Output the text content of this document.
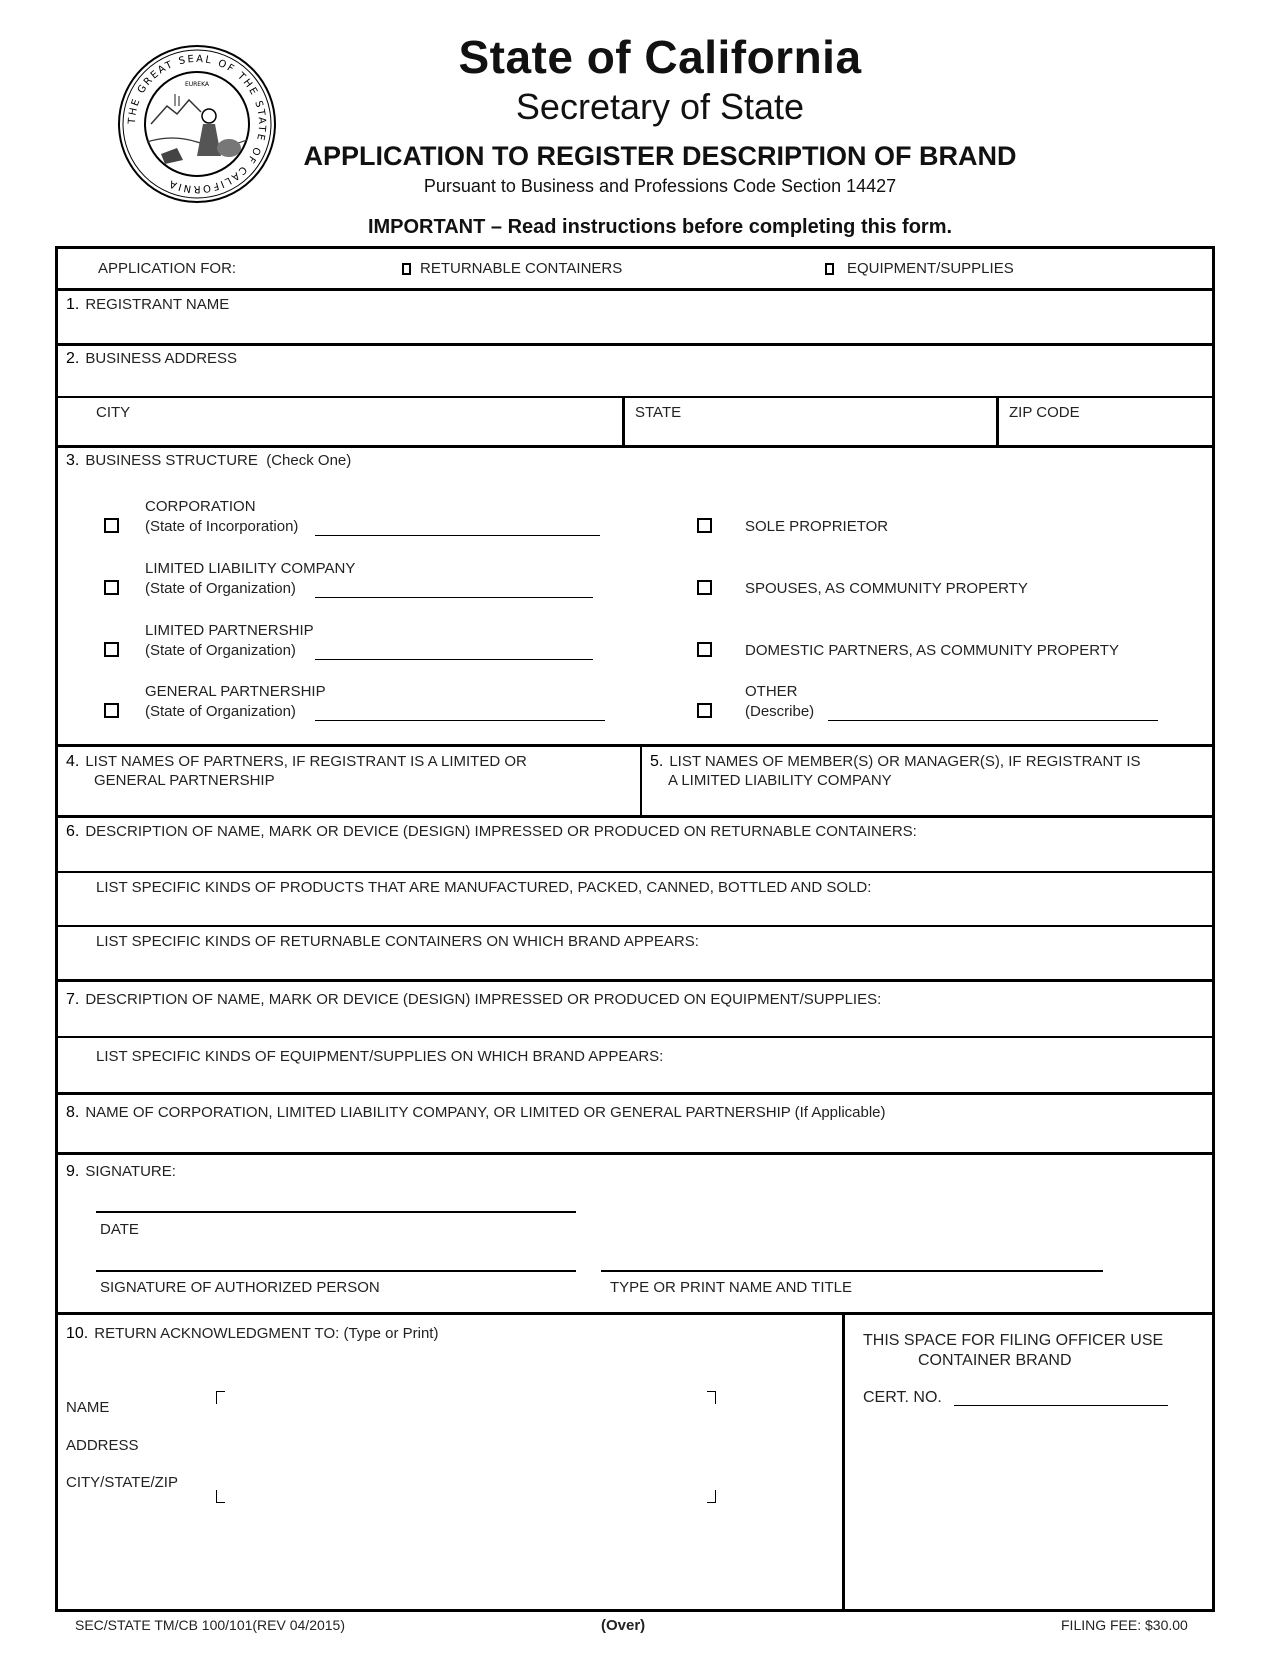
THE GREAT SEAL OF THE STATE OF CALIFORNIA
EUREKA
State of California
Secretary of State
APPLICATION TO REGISTER DESCRIPTION OF BRAND
Pursuant to Business and Professions Code Section 14427
IMPORTANT – Read instructions before completing this form.
APPLICATION FOR:	RETURNABLE CONTAINERS	EQUIPMENT/SUPPLIES
1. REGISTRANT NAME
2. BUSINESS ADDRESS
CITY	STATE	ZIP CODE
3. BUSINESS STRUCTURE (Check One)
CORPORATION
(State of Incorporation)
LIMITED LIABILITY COMPANY
(State of Organization)
LIMITED PARTNERSHIP
(State of Organization)
GENERAL PARTNERSHIP
(State of Organization)
SOLE PROPRIETOR
SPOUSES, AS COMMUNITY PROPERTY
DOMESTIC PARTNERS, AS COMMUNITY PROPERTY
OTHER
(Describe)
4. LIST NAMES OF PARTNERS, IF REGISTRANT IS A LIMITED OR
GENERAL PARTNERSHIP
5. LIST NAMES OF MEMBER(S) OR MANAGER(S), IF REGISTRANT IS
A LIMITED LIABILITY COMPANY
6. DESCRIPTION OF NAME, MARK OR DEVICE (DESIGN) IMPRESSED OR PRODUCED ON RETURNABLE CONTAINERS:
LIST SPECIFIC KINDS OF PRODUCTS THAT ARE MANUFACTURED, PACKED, CANNED, BOTTLED AND SOLD:
LIST SPECIFIC KINDS OF RETURNABLE CONTAINERS ON WHICH BRAND APPEARS:
7. DESCRIPTION OF NAME, MARK OR DEVICE (DESIGN) IMPRESSED OR PRODUCED ON EQUIPMENT/SUPPLIES:
LIST SPECIFIC KINDS OF EQUIPMENT/SUPPLIES ON WHICH BRAND APPEARS:
8. NAME OF CORPORATION, LIMITED LIABILITY COMPANY, OR LIMITED OR GENERAL PARTNERSHIP (If Applicable)
9. SIGNATURE:
DATE
SIGNATURE OF AUTHORIZED PERSON	TYPE OR PRINT NAME AND TITLE
10. RETURN ACKNOWLEDGMENT TO: (Type or Print)
NAME
ADDRESS
CITY/STATE/ZIP
THIS SPACE FOR FILING OFFICER USE
CONTAINER BRAND
CERT. NO.
SEC/STATE TM/CB 100/101(REV 04/2015)	(Over)	FILING FEE: $30.00
